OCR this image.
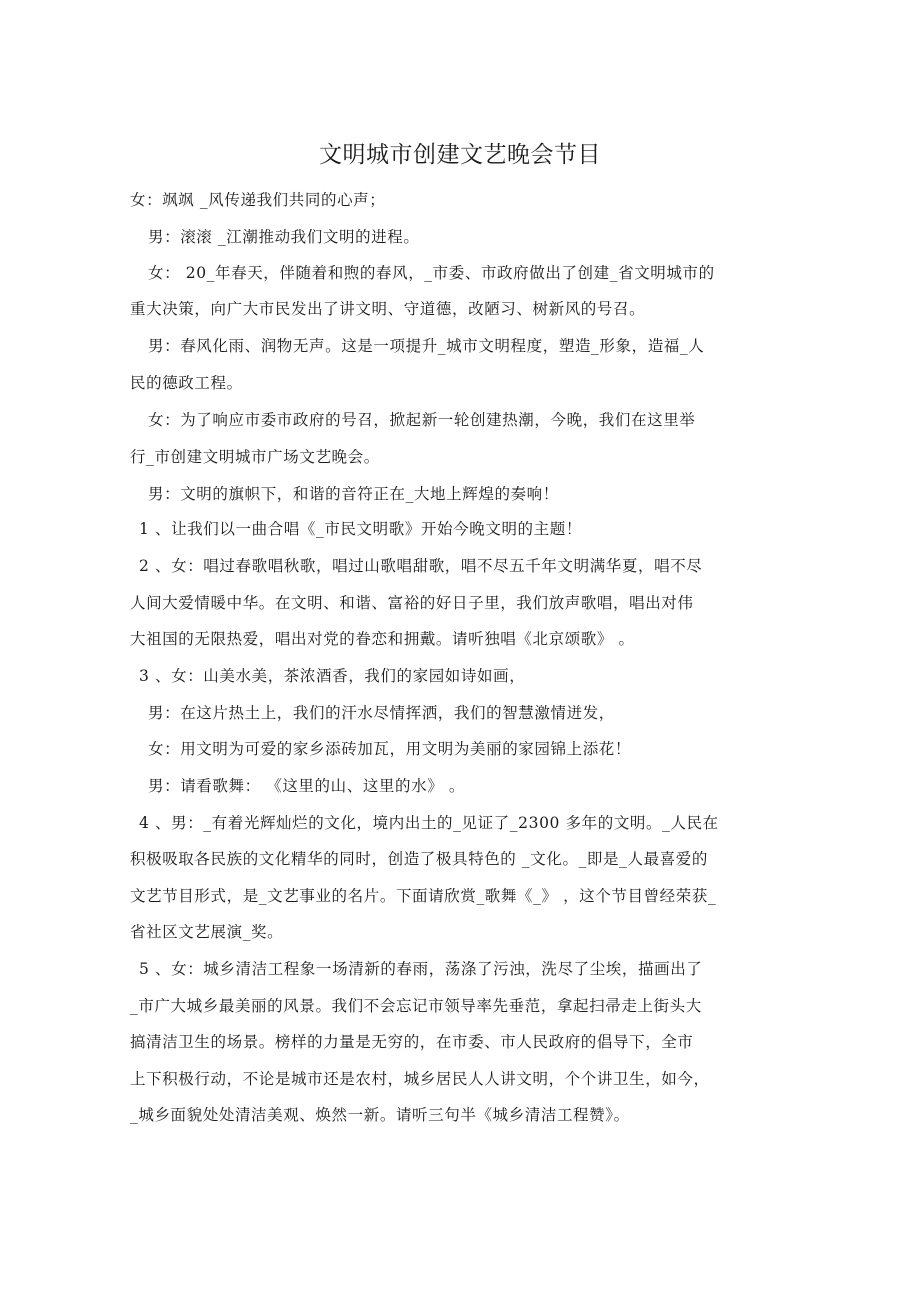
文明城市创建文艺晚会节目
女：飒飒 _风传递我们共同的心声；
男：滚滚 _江潮推动我们文明的进程。
女： 20_年春天，伴随着和煦的春风，_市委、市政府做出了创建_省文明城市的
重大决策，向广大市民发出了讲文明、守道德，改陋习、树新风的号召。
男：春风化雨、润物无声。这是一项提升_城市文明程度，塑造_形象，造福_人
民的德政工程。
女：为了响应市委市政府的号召，掀起新一轮创建热潮，今晚，我们在这里举
行_市创建文明城市广场文艺晚会。
男：文明的旗帜下，和谐的音符正在_大地上辉煌的奏响！
1 、让我们以一曲合唱《_市民文明歌》开始今晚文明的主题！
2 、女：唱过春歌唱秋歌，唱过山歌唱甜歌，唱不尽五千年文明满华夏，唱不尽
人间大爱情暖中华。在文明、和谐、富裕的好日子里，我们放声歌唱，唱出对伟
大祖国的无限热爱，唱出对党的眷恋和拥戴。请听独唱《北京颂歌》 。
3 、女：山美水美，茶浓酒香，我们的家园如诗如画，
男：在这片热土上，我们的汗水尽情挥洒，我们的智慧激情迸发，
女：用文明为可爱的家乡添砖加瓦，用文明为美丽的家园锦上添花！
男：请看歌舞： 《这里的山、这里的水》 。
4 、男：_有着光辉灿烂的文化，境内出土的_见证了_2300 多年的文明。_人民在
积极吸取各民族的文化精华的同时，创造了极具特色的 _文化。_即是_人最喜爱的
文艺节目形式，是_文艺事业的名片。下面请欣赏_歌舞《_》 ，这个节目曾经荣获_
省社区文艺展演_奖。
5 、女：城乡清洁工程象一场清新的春雨，荡涤了污浊，洗尽了尘埃，描画出了
_市广大城乡最美丽的风景。我们不会忘记市领导率先垂范，拿起扫帚走上街头大
搞清洁卫生的场景。榜样的力量是无穷的，在市委、市人民政府的倡导下，全市
上下积极行动，不论是城市还是农村，城乡居民人人讲文明，个个讲卫生，如今，
_城乡面貌处处清洁美观、焕然一新。请听三句半《城乡清洁工程赞》。
